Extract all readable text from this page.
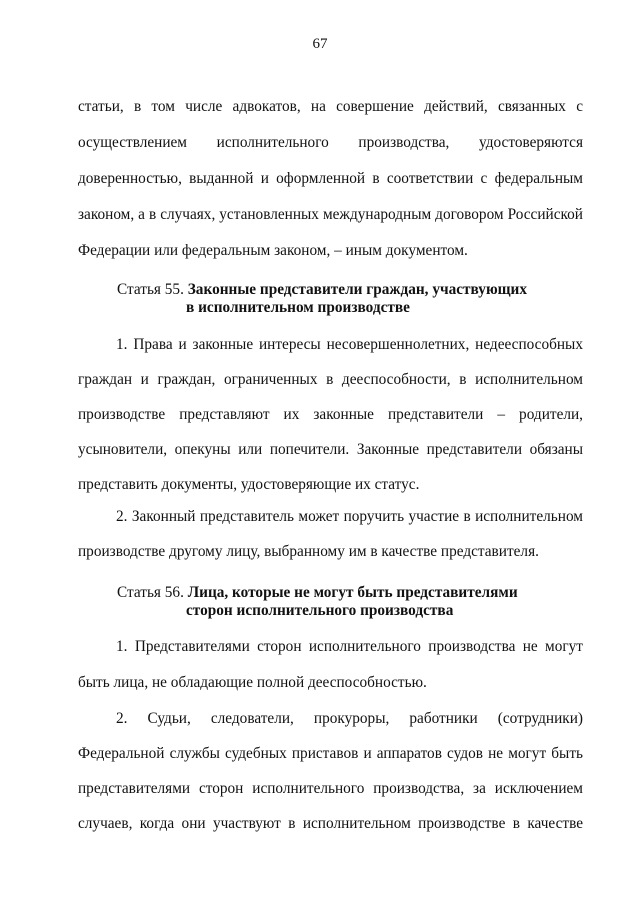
67
статьи, в том числе адвокатов, на совершение действий, связанных с
осуществлением исполнительного производства, удостоверяются
доверенностью, выданной и оформленной в соответствии с федеральным
законом, а в случаях, установленных международным договором Российской
Федерации или федеральным законом, – иным документом.
Статья 55. Законные представители граждан, участвующих
в исполнительном производстве
1. Права и законные интересы несовершеннолетних, недееспособных
граждан и граждан, ограниченных в дееспособности, в исполнительном
производстве представляют их законные представители – родители,
усыновители, опекуны или попечители. Законные представители обязаны
представить документы, удостоверяющие их статус.
2. Законный представитель может поручить участие в исполнительном
производстве другому лицу, выбранному им в качестве представителя.
Статья 56. Лица, которые не могут быть представителями
сторон исполнительного производства
1. Представителями сторон исполнительного производства не могут
быть лица, не обладающие полной дееспособностью.
2. Судьи, следователи, прокуроры, работники (сотрудники)
Федеральной службы судебных приставов и аппаратов судов не могут быть
представителями сторон исполнительного производства, за исключением
случаев, когда они участвуют в исполнительном производстве в качестве
